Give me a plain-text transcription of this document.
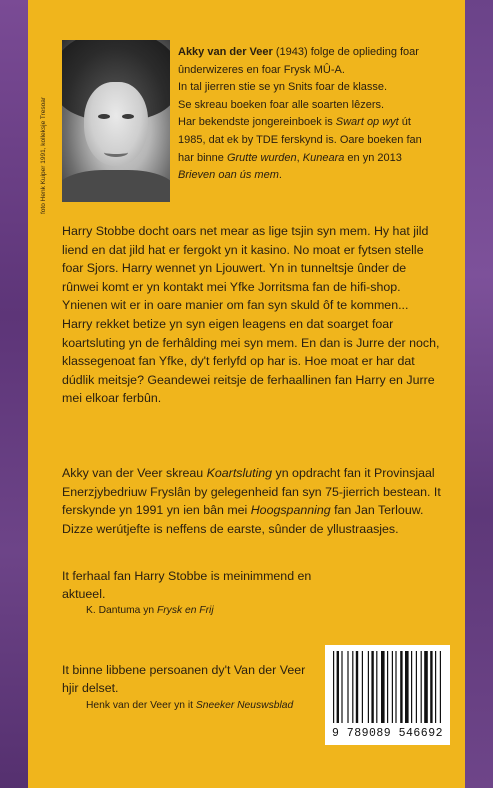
Akky van der Veer (1943) folge de oplieding foar ûnderwizeres en foar Frysk MÛ-A.
In tal jierren stie se yn Snits foar de klasse.
Se skreau boeken foar alle soarten lêzers.
Har bekendste jongereinboek is Swart op wyt út 1985, dat ek by TDE ferskynd is. Oare boeken fan har binne Grutte wurden, Kuneara en yn 2013 Brieven oan ús mem.

Harry Stobbe docht oars net mear as lige tsjin syn mem. Hy hat jild liend en dat jild hat er fergokt yn it kasino. No moat er fytsen stelle foar Sjors. Harry wennet yn Ljouwert. Yn in tunneltsje ûnder de rûnwei komt er yn kontakt mei Yfke Jorritsma fan de hifi-shop. Ynienen wit er in oare manier om fan syn skuld ôf te kommen... Harry rekket betize yn syn eigen leagens en dat soarget foar koartsluting yn de ferhâlding mei syn mem. En dan is Jurre der noch, klassegenoat fan Yfke, dy't ferlyfd op har is. Hoe moat er har dat dúdlik meitsje? Geandewei reitsje de ferhaallinen fan Harry en Jurre mei elkoar ferbûn.

Akky van der Veer skreau Koartsluting yn opdracht fan it Provinsjaal Enerzjybedriuw Fryslân by gelegenheid fan syn 75-jierrich bestean. It ferskynde yn 1991 yn ien bân mei Hoogspanning fan Jan Terlouw. Dizze werútjefte is neffens de earste, sûnder de yllustraasjes.

It ferhaal fan Harry Stobbe is meinimmend en aktueel.
K. Dantuma yn Frysk en Frij
It binne libbene persoanen dy't Van der Veer hjir delset.
Henk van der Veer yn it Sneeker Neuswsblad
9 789089 546692
